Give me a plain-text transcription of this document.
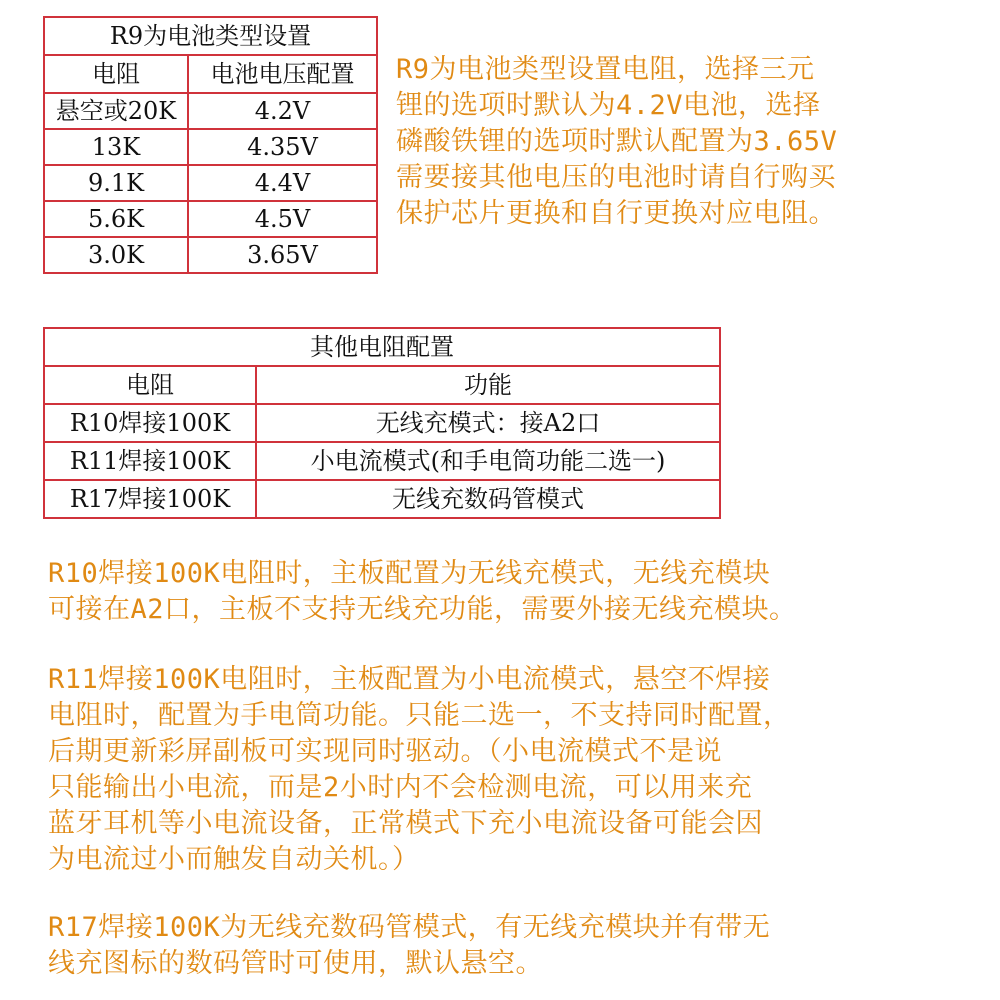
R9为电池类型设置	
电阻	电池电压配置
悬空或20K	4.2V
13K	4.35V
9.1K	4.4V
5.6K	4.5V
3.0K	3.65V
R9为电池类型设置电阻，选择三元
锂的选项时默认为4.2V电池，选择
磷酸铁锂的选项时默认配置为3.65V
需要接其他电压的电池时请自行购买
保护芯片更换和自行更换对应电阻。
其他电阻配置	
电阻	功能
R10焊接100K	无线充模式：接A2口
R11焊接100K	小电流模式(和手电筒功能二选一)
R17焊接100K	无线充数码管模式
R10焊接100K电阻时，主板配置为无线充模式，无线充模块
可接在A2口，主板不支持无线充功能，需要外接无线充模块。
R11焊接100K电阻时，主板配置为小电流模式，悬空不焊接
电阻时，配置为手电筒功能。只能二选一，不支持同时配置，
后期更新彩屏副板可实现同时驱动。（小电流模式不是说
只能输出小电流，而是2小时内不会检测电流，可以用来充
蓝牙耳机等小电流设备，正常模式下充小电流设备可能会因
为电流过小而触发自动关机。）
R17焊接100K为无线充数码管模式，有无线充模块并有带无
线充图标的数码管时可使用，默认悬空。
